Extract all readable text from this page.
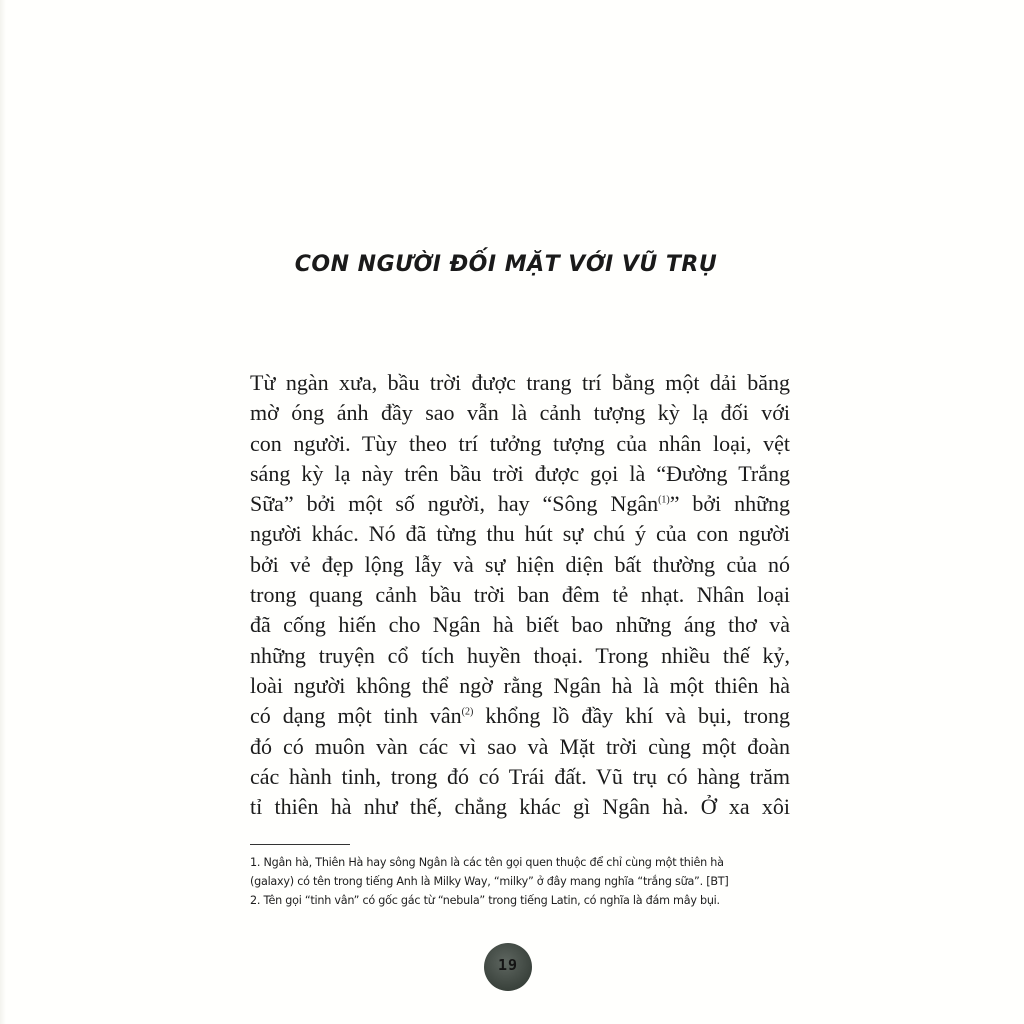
CON NGƯỜI ĐỐI MẶT VỚI VŨ TRỤ
Từ ngàn xưa, bầu trời được trang trí bằng một dải băng
mờ óng ánh đầy sao vẫn là cảnh tượng kỳ lạ đối với
con người. Tùy theo trí tưởng tượng của nhân loại, vệt
sáng kỳ lạ này trên bầu trời được gọi là “Đường Trắng
Sữa” bởi một số người, hay “Sông Ngân$^{(1)}$” bởi những
người khác. Nó đã từng thu hút sự chú ý của con người
bởi vẻ đẹp lộng lẫy và sự hiện diện bất thường của nó
trong quang cảnh bầu trời ban đêm tẻ nhạt. Nhân loại
đã cống hiến cho Ngân hà biết bao những áng thơ và
những truyện cổ tích huyền thoại. Trong nhiều thế kỷ,
loài người không thể ngờ rằng Ngân hà là một thiên hà
có dạng một tinh vân$^{(2)}$ khổng lồ đầy khí và bụi, trong
đó có muôn vàn các vì sao và Mặt trời cùng một đoàn
các hành tinh, trong đó có Trái đất. Vũ trụ có hàng trăm
tỉ thiên hà như thế, chẳng khác gì Ngân hà. Ở xa xôi
1. Ngân hà, Thiên Hà hay sông Ngân là các tên gọi quen thuộc để chỉ cùng một thiên hà
(galaxy) có tên trong tiếng Anh là Milky Way, “milky” ở đây mang nghĩa “trắng sữa”. [BT]
2. Tên gọi “tinh vân” có gốc gác từ “nebula” trong tiếng Latin, có nghĩa là đám mây bụi.
19
